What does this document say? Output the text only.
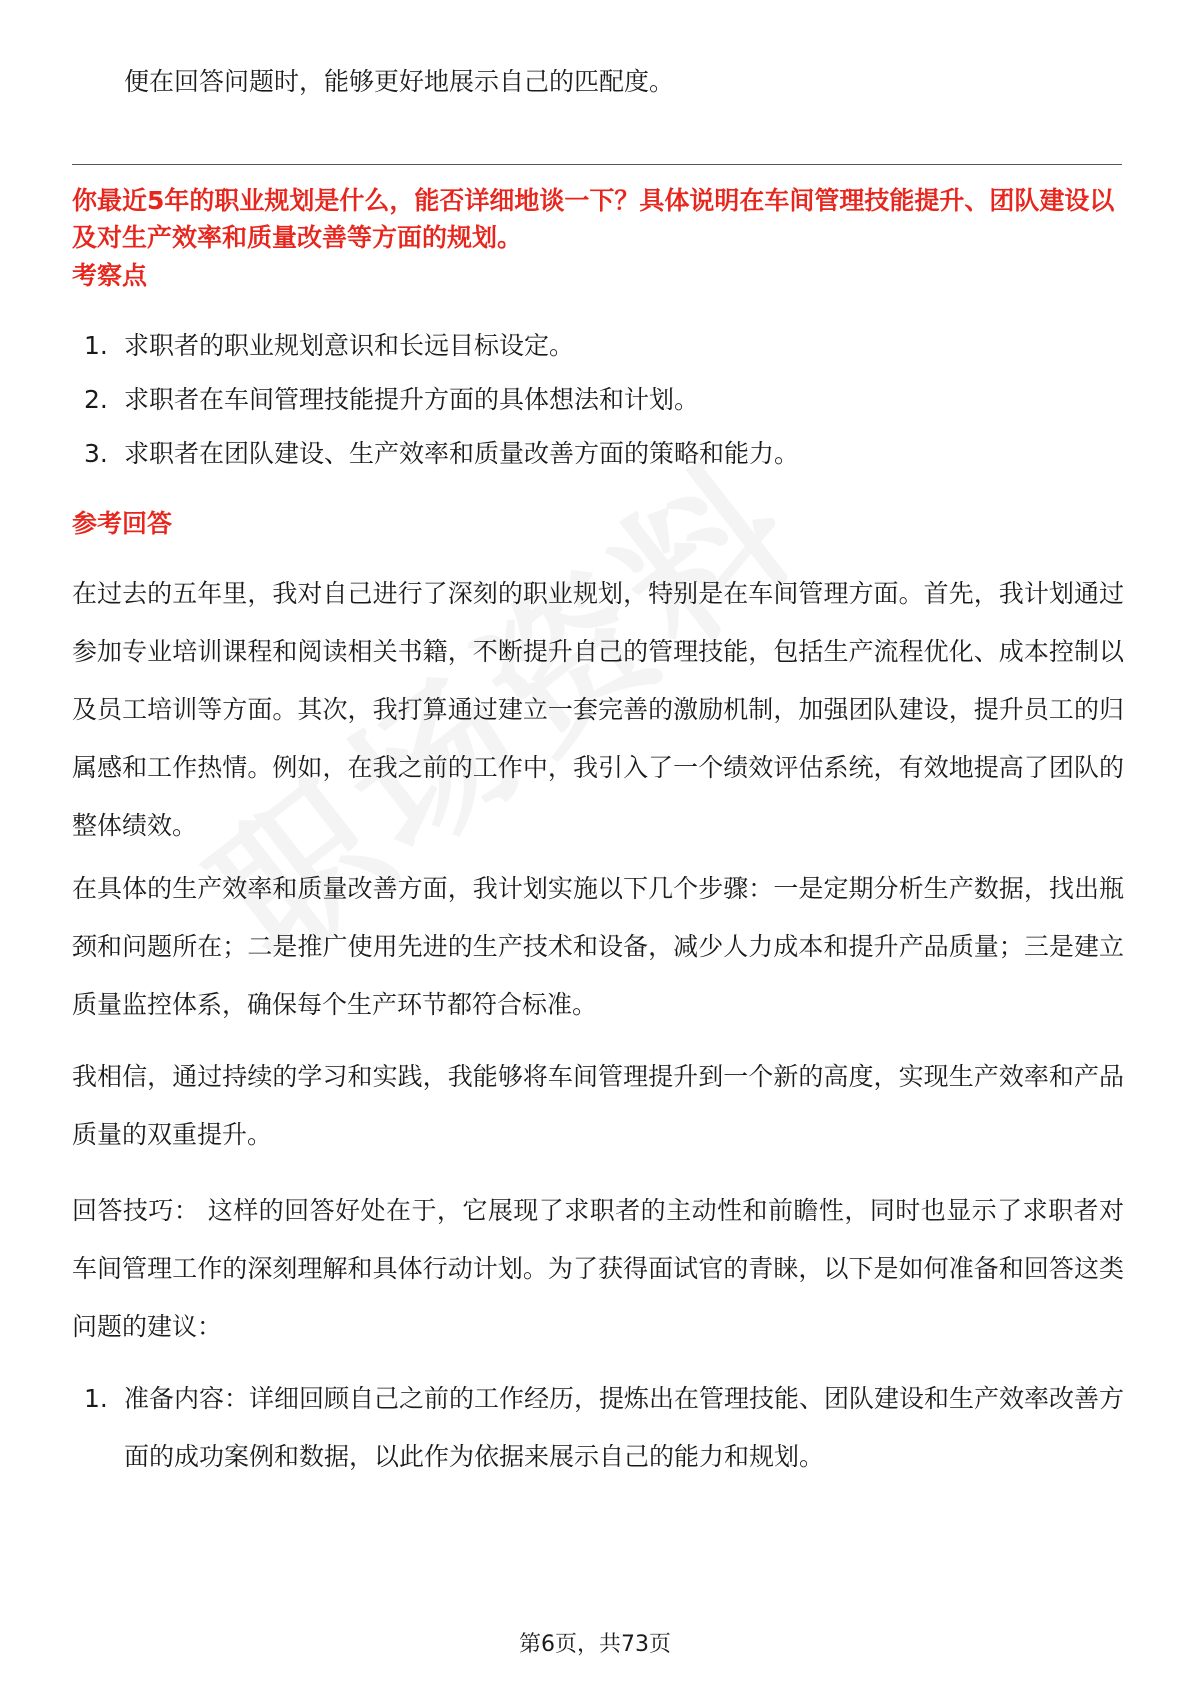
便在回答问题时，能够更好地展示自己的匹配度。
你最近5年的职业规划是什么，能否详细地谈一下？具体说明在车间管理技能提升、团队建设以及对生产效率和质量改善等方面的规划。
考察点
1. 求职者的职业规划意识和长远目标设定。
2. 求职者在车间管理技能提升方面的具体想法和计划。
3. 求职者在团队建设、生产效率和质量改善方面的策略和能力。
参考回答
在过去的五年里，我对自己进行了深刻的职业规划，特别是在车间管理方面。首先，我计划通过参加专业培训课程和阅读相关书籍，不断提升自己的管理技能，包括生产流程优化、成本控制以及员工培训等方面。其次，我打算通过建立一套完善的激励机制，加强团队建设，提升员工的归属感和工作热情。例如，在我之前的工作中，我引入了一个绩效评估系统，有效地提高了团队的整体绩效。
在具体的生产效率和质量改善方面，我计划实施以下几个步骤：一是定期分析生产数据，找出瓶颈和问题所在；二是推广使用先进的生产技术和设备，减少人力成本和提升产品质量；三是建立质量监控体系，确保每个生产环节都符合标准。
我相信，通过持续的学习和实践，我能够将车间管理提升到一个新的高度，实现生产效率和产品质量的双重提升。
回答技巧： 这样的回答好处在于，它展现了求职者的主动性和前瞻性，同时也显示了求职者对车间管理工作的深刻理解和具体行动计划。为了获得面试官的青睐，以下是如何准备和回答这类问题的建议：
1. 准备内容：详细回顾自己之前的工作经历，提炼出在管理技能、团队建设和生产效率改善方面的成功案例和数据，以此作为依据来展示自己的能力和规划。
第6页，共73页
